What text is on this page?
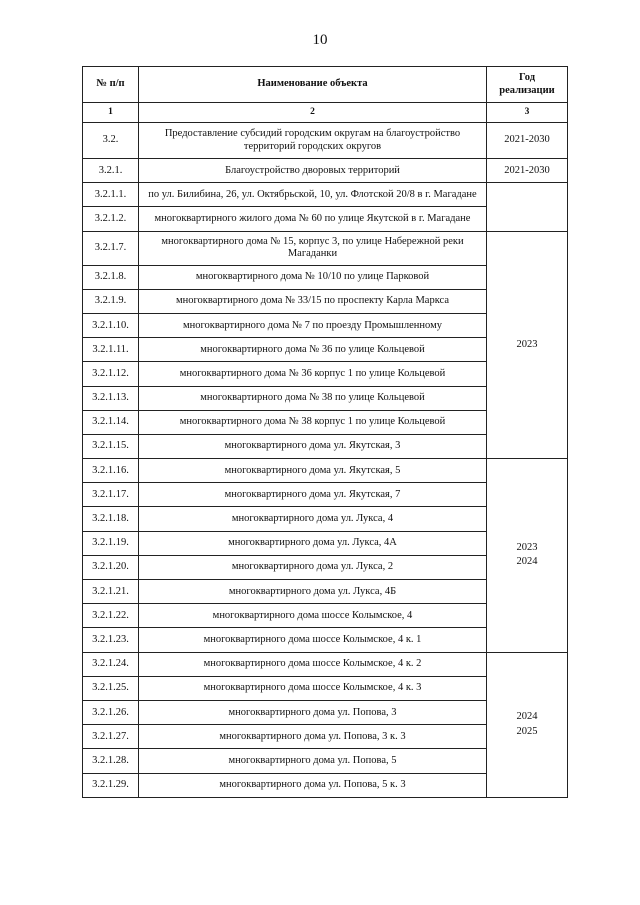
10
№ п/п	Наименование объекта	Год
реализации
1	2	3
3.2.	Предоставление субсидий городским округам на благоустройство территорий городских округов	2021-2030
3.2.1.	Благоустройство дворовых территорий	2021-2030
3.2.1.1.	по ул. Билибина, 26, ул. Октябрьской, 10, ул. Флотской 20/8 в г. Магадане	
3.2.1.2.	многоквартирного жилого дома № 60 по улице Якутской в г. Магадане	
3.2.1.7.	многоквартирного дома № 15, корпус 3, по улице Набережной реки Магаданки	2023
3.2.1.8.	многоквартирного дома № 10/10 по улице Парковой	
3.2.1.9.	многоквартирного дома № 33/15 по проспекту Карла Маркса	
3.2.1.10.	многоквартирного дома № 7 по проезду Промышленному	
3.2.1.11.	многоквартирного дома № 36 по улице Кольцевой	
3.2.1.12.	многоквартирного дома № 36 корпус 1 по улице Кольцевой	
3.2.1.13.	многоквартирного дома № 38 по улице Кольцевой	
3.2.1.14.	многоквартирного дома № 38 корпус 1 по улице Кольцевой	
3.2.1.15.	многоквартирного дома ул. Якутская, 3	
3.2.1.16.	многоквартирного дома ул. Якутская, 5	2023
2024
3.2.1.17.	многоквартирного дома ул. Якутская, 7	
3.2.1.18.	многоквартирного дома ул. Лукса, 4	
3.2.1.19.	многоквартирного дома ул. Лукса, 4А	
3.2.1.20.	многоквартирного дома ул. Лукса, 2	
3.2.1.21.	многоквартирного дома ул. Лукса, 4Б	
3.2.1.22.	многоквартирного дома шоссе Колымское, 4	
3.2.1.23.	многоквартирного дома шоссе Колымское, 4 к. 1	
3.2.1.24.	многоквартирного дома шоссе Колымское, 4 к. 2	2024
2025
3.2.1.25.	многоквартирного дома шоссе Колымское, 4 к. 3	
3.2.1.26.	многоквартирного дома ул. Попова, 3	
3.2.1.27.	многоквартирного дома ул. Попова, 3 к. 3	
3.2.1.28.	многоквартирного дома ул. Попова, 5	
3.2.1.29.	многоквартирного дома ул. Попова, 5 к. 3	
